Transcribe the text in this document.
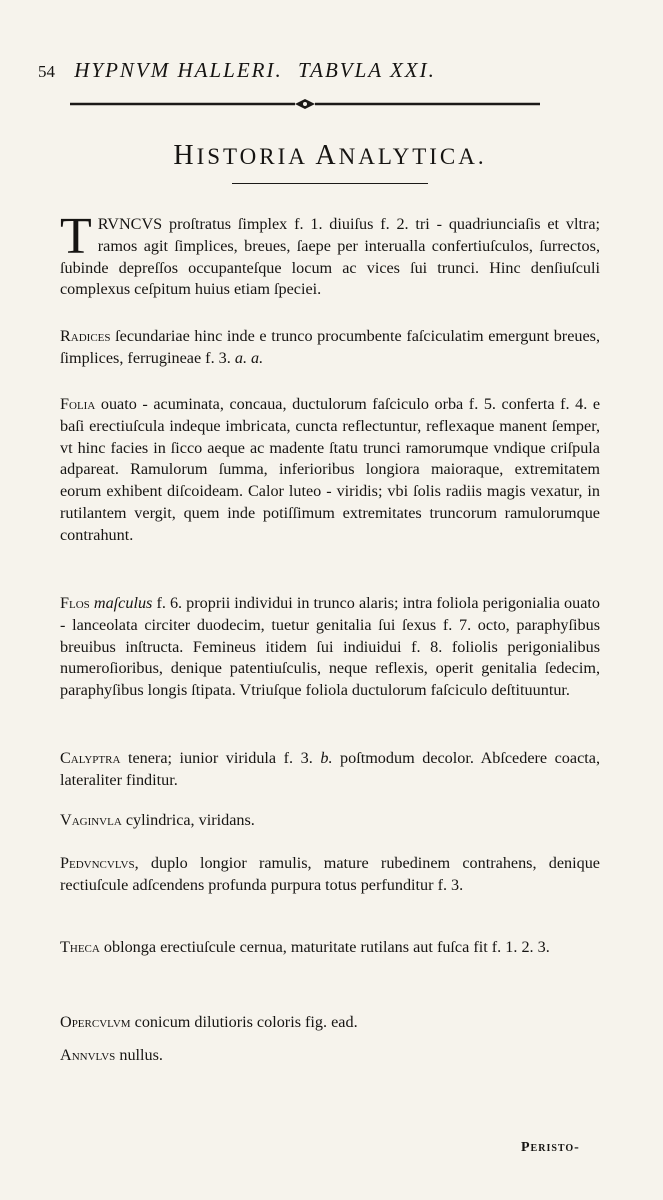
54 HYPNVM HALLERI. TABVLA XXI.
HISTORIA ANALYTICA.
T RVNCVS proſtratus ſimplex f. 1. diuiſus f. 2. tri - quadriunciaſis et vltra; ramos agit ſimplices, breues, ſaepe per interualla confertiuſculos, ſurrectos, ſubinde depreſſos occupanteſque locum ac vices ſui trunci. Hinc denſiuſculi complexus ceſpitum huius etiam ſpeciei.
Radices ſecundariae hinc inde e trunco procumbente faſciculatim emergunt breues, ſimplices, ferrugineae f. 3. a. a.
Folia ouato - acuminata, concaua, ductulorum faſciculo orba f. 5. conferta f. 4. e baſi erectiuſcula indeque imbricata, cuncta reflectuntur, reflexaque manent ſemper, vt hinc facies in ſicco aeque ac madente ſtatu trunci ramorumque vndique criſpula adpareat. Ramulorum ſumma, inferioribus longiora maioraque, extremitatem eorum exhibent diſcoideam. Calor luteo - viridis; vbi ſolis radiis magis vexatur, in rutilantem vergit, quem inde potiſſimum extremitates truncorum ramulorumque contrahunt.
Flos maſculus f. 6. proprii individui in trunco alaris; intra foliola perigonialia ouato - lanceolata circiter duodecim, tuetur genitalia ſui ſexus f. 7. octo, paraphyſibus breuibus inſtructa. Femineus itidem ſui indiuidui f. 8. foliolis perigonialibus numeroſioribus, denique patentiuſculis, neque reflexis, operit genitalia ſedecim, paraphyſibus longis ſtipata. Vtriuſque foliola ductulorum faſciculo deſtituuntur.
Calyptra tenera; iunior viridula f. 3. b. poſtmodum decolor. Abſcedere coacta, lateraliter finditur.
Vaginvla cylindrica, viridans.
Pedvncvlvs, duplo longior ramulis, mature rubedinem contrahens, denique rectiuſcule adſcendens profunda purpura totus perfunditur f. 3.
Theca oblonga erectiuſcule cernua, maturitate rutilans aut fuſca fit f. 1. 2. 3.
Opercvlvm conicum dilutioris coloris fig. ead.
Annvlvs nullus.
Peristo-
